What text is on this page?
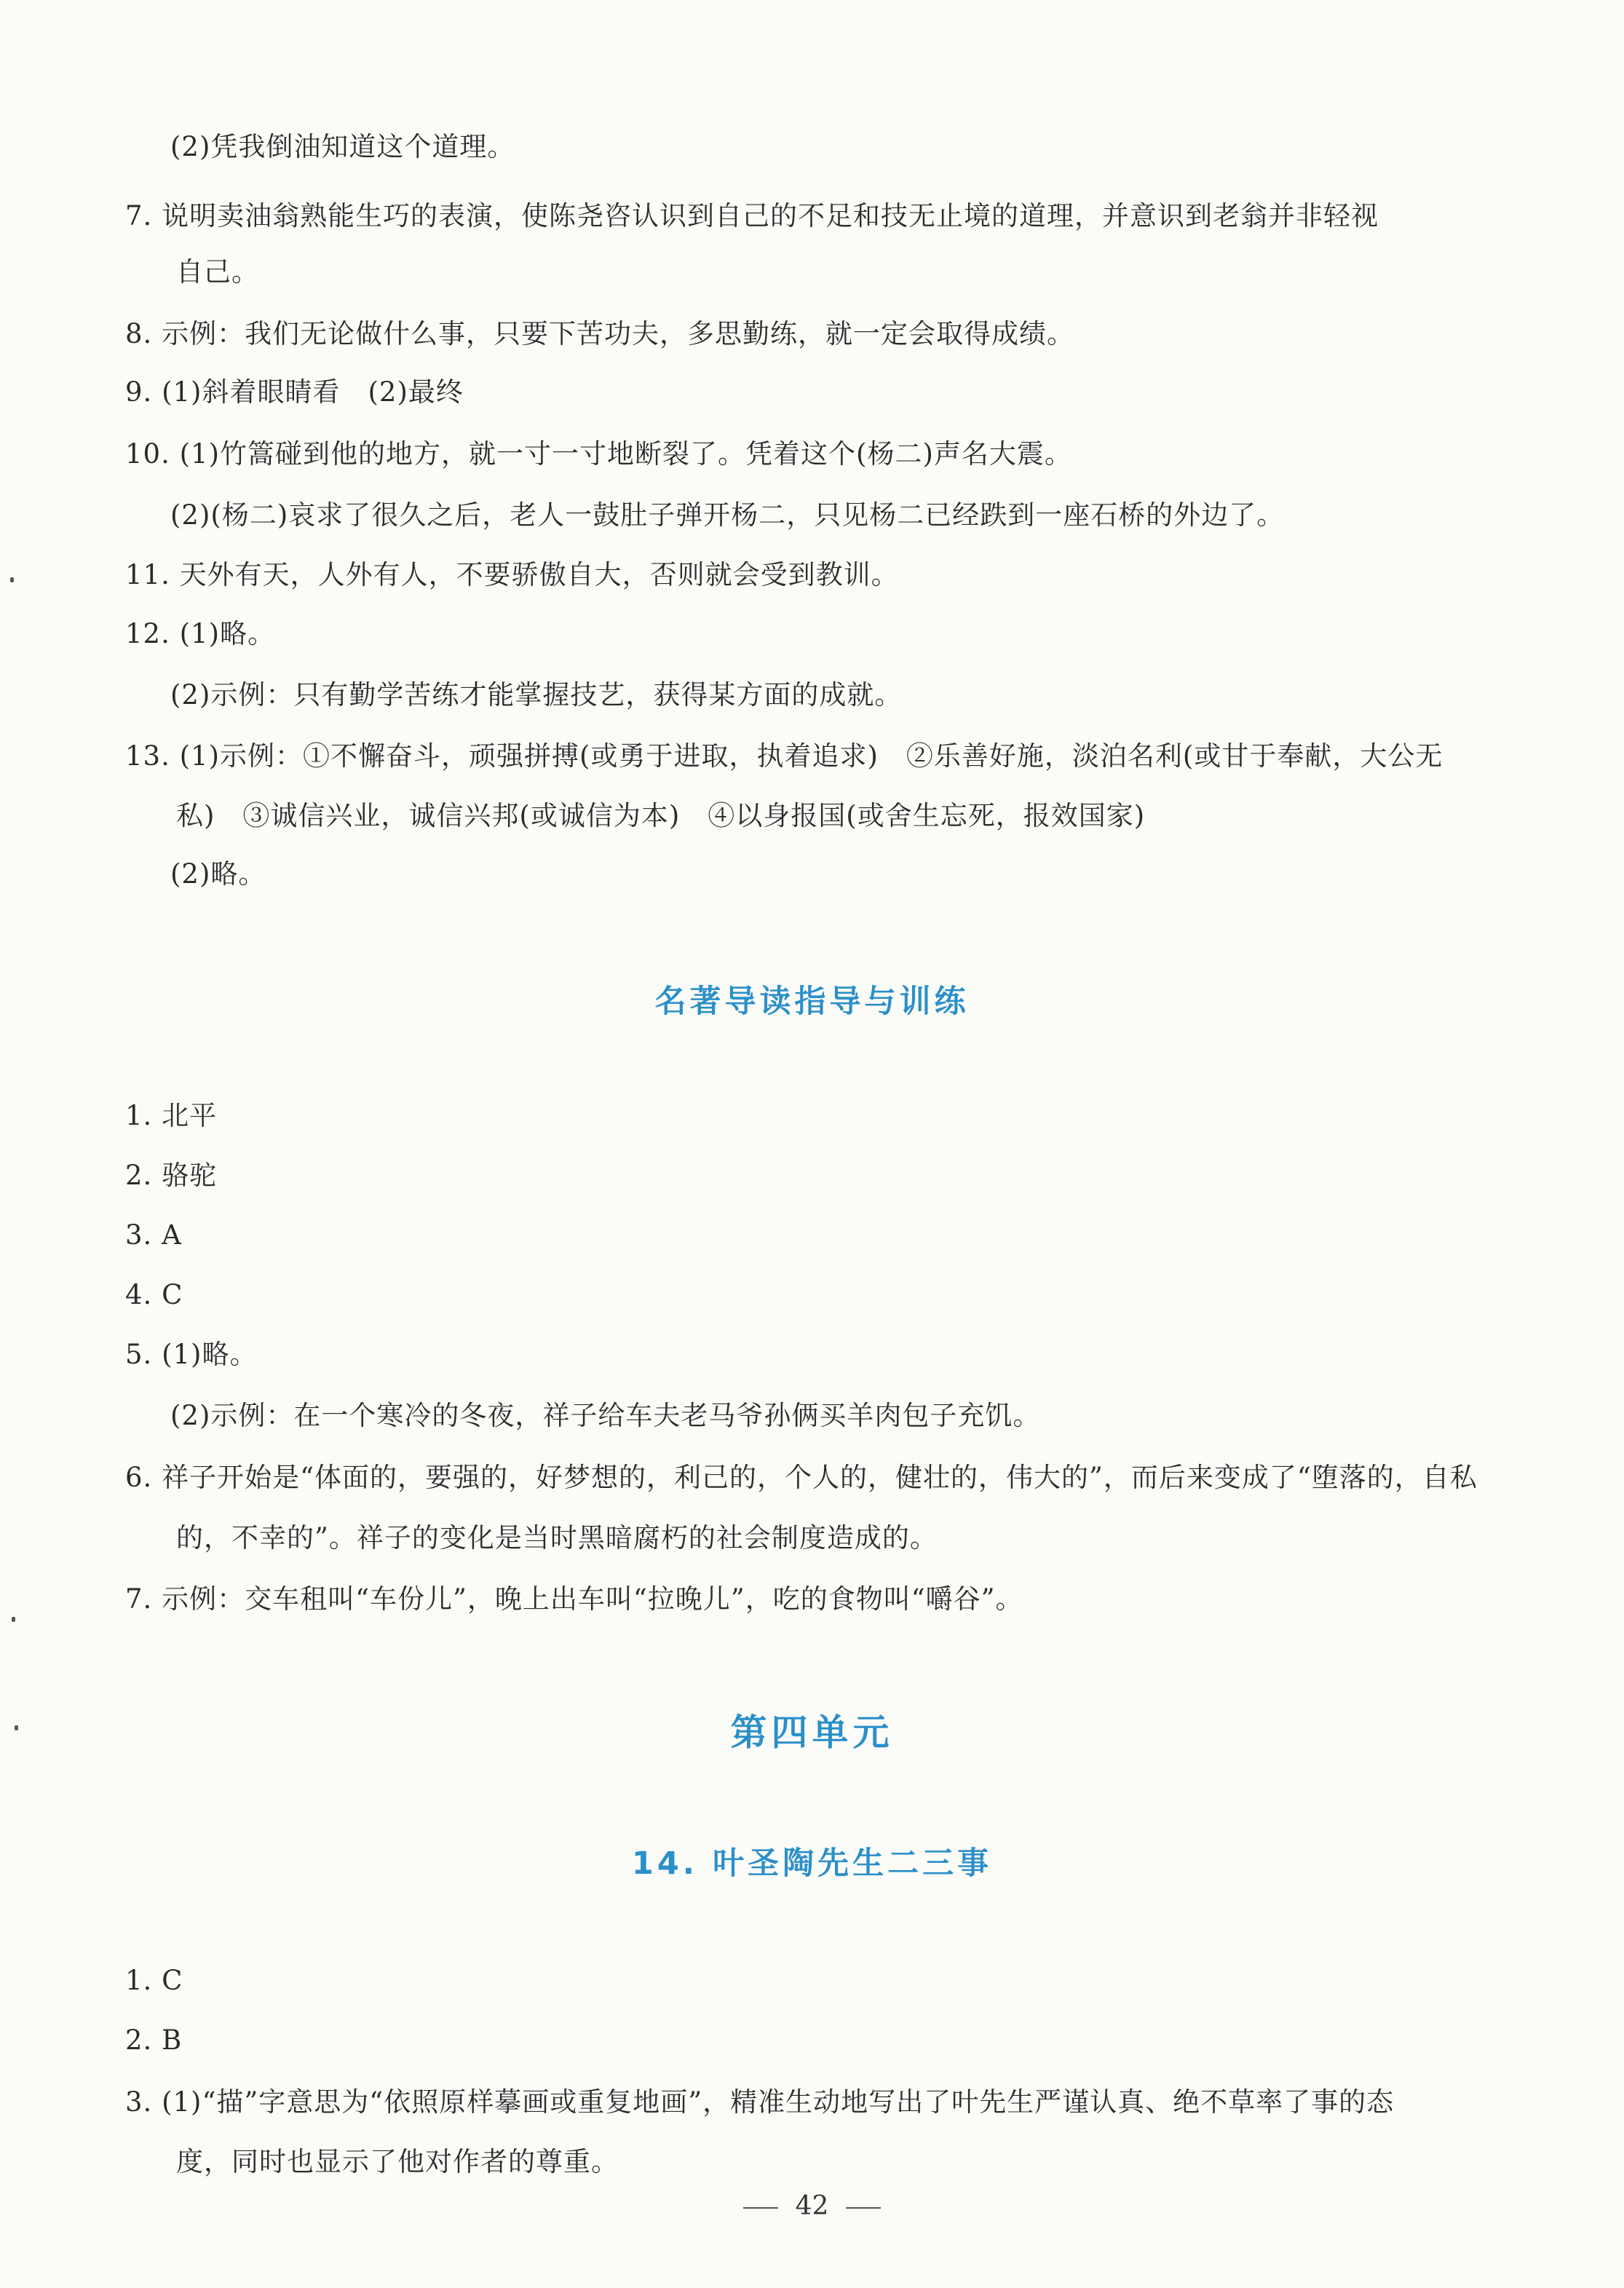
(2)凭我倒油知道这个道理。
7. 说明卖油翁熟能生巧的表演，使陈尧咨认识到自己的不足和技无止境的道理，并意识到老翁并非轻视
自己。
8. 示例：我们无论做什么事，只要下苦功夫，多思勤练，就一定会取得成绩。
9. (1)斜着眼睛看　(2)最终
10. (1)竹篙碰到他的地方，就一寸一寸地断裂了。凭着这个(杨二)声名大震。
(2)(杨二)哀求了很久之后，老人一鼓肚子弹开杨二，只见杨二已经跌到一座石桥的外边了。
11. 天外有天，人外有人，不要骄傲自大，否则就会受到教训。
12. (1)略。
(2)示例：只有勤学苦练才能掌握技艺，获得某方面的成就。
13. (1)示例：①不懈奋斗，顽强拼搏(或勇于进取，执着追求)　②乐善好施，淡泊名利(或甘于奉献，大公无
私)　③诚信兴业，诚信兴邦(或诚信为本)　④以身报国(或舍生忘死，报效国家)
(2)略。
名著导读指导与训练
1. 北平
2. 骆驼
3. A
4. C
5. (1)略。
(2)示例：在一个寒冷的冬夜，祥子给车夫老马爷孙俩买羊肉包子充饥。
6. 祥子开始是“体面的，要强的，好梦想的，利己的，个人的，健壮的，伟大的”，而后来变成了“堕落的，自私
的，不幸的”。祥子的变化是当时黑暗腐朽的社会制度造成的。
7. 示例：交车租叫“车份儿”，晚上出车叫“拉晚儿”，吃的食物叫“嚼谷”。
第四单元
14. 叶圣陶先生二三事
1. C
2. B
3. (1)“描”字意思为“依照原样摹画或重复地画”，精准生动地写出了叶先生严谨认真、绝不草率了事的态
度，同时也显示了他对作者的尊重。
42
